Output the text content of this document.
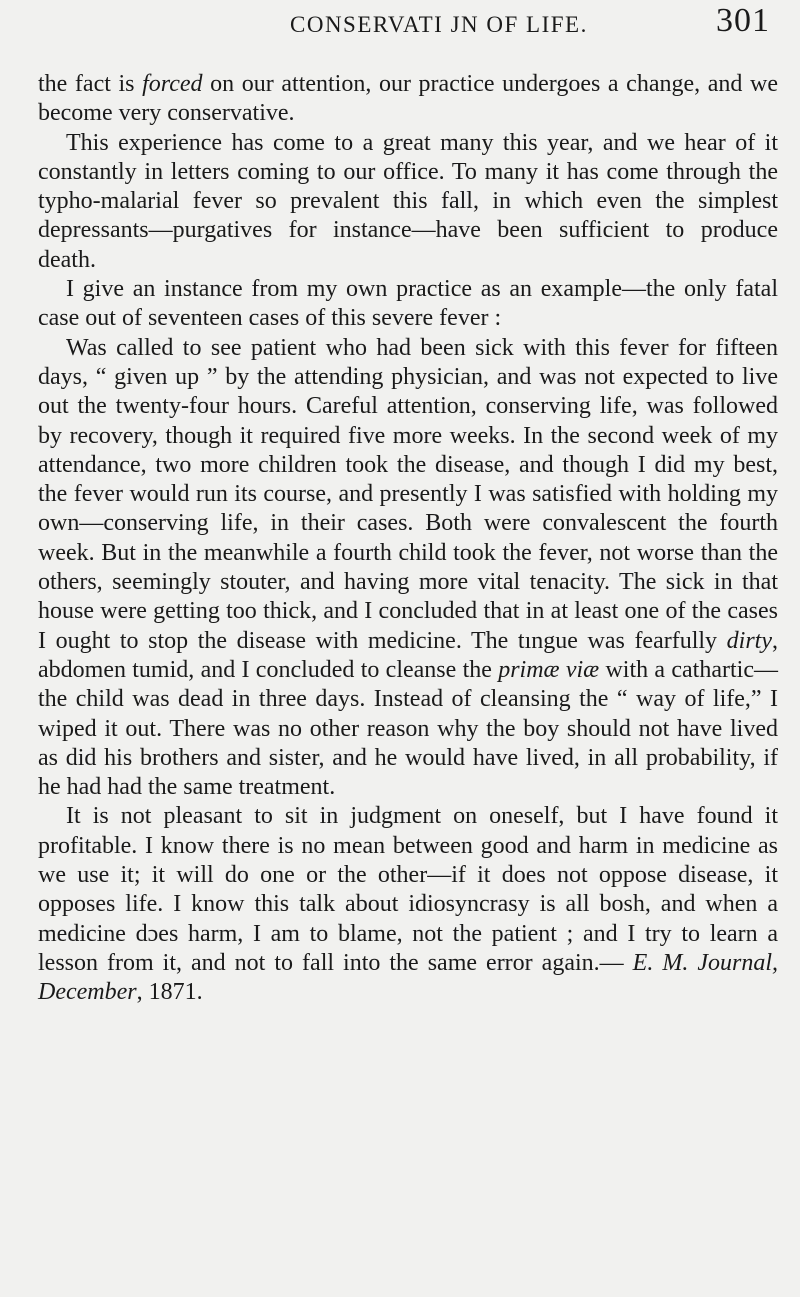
CONSERVATI JN OF LIFE.	301

the fact is forced on our attention, our practice undergoes a change, and we become very conservative.

This experience has come to a great many this year, and we hear of it constantly in letters coming to our office. To many it has come through the typho-malarial fever so prevalent this fall, in which even the simplest depressants—purgatives for instance—have been sufficient to produce death.

I give an instance from my own practice as an example—the only fatal case out of seventeen cases of this severe fever :

Was called to see patient who had been sick with this fever for fifteen days, “ given up ” by the attending physician, and was not expected to live out the twenty-four hours. Careful attention, conserving life, was followed by recovery, though it required five more weeks. In the second week of my attendance, two more children took the disease, and though I did my best, the fever would run its course, and presently I was satisfied with holding my own—conserving life, in their cases. Both were convalescent the fourth week. But in the meanwhile a fourth child took the fever, not worse than the others, seemingly stouter, and having more vital tenacity. The sick in that house were getting too thick, and I concluded that in at least one of the cases I ought to stop the disease with medicine. The tıngue was fearfully dirty, abdomen tumid, and I concluded to cleanse the primæ viæ with a cathartic—the child was dead in three days. Instead of cleansing the “ way of life,” I wiped it out. There was no other reason why the boy should not have lived as did his brothers and sister, and he would have lived, in all probability, if he had had the same treatment.

It is not pleasant to sit in judgment on oneself, but I have found it profitable. I know there is no mean between good and harm in medicine as we use it; it will do one or the other—if it does not oppose disease, it opposes life. I know this talk about idiosyncrasy is all bosh, and when a medicine dɔes harm, I am to blame, not the patient ; and I try to learn a lesson from it, and not to fall into the same error again.— E. M. Journal, December, 1871.
